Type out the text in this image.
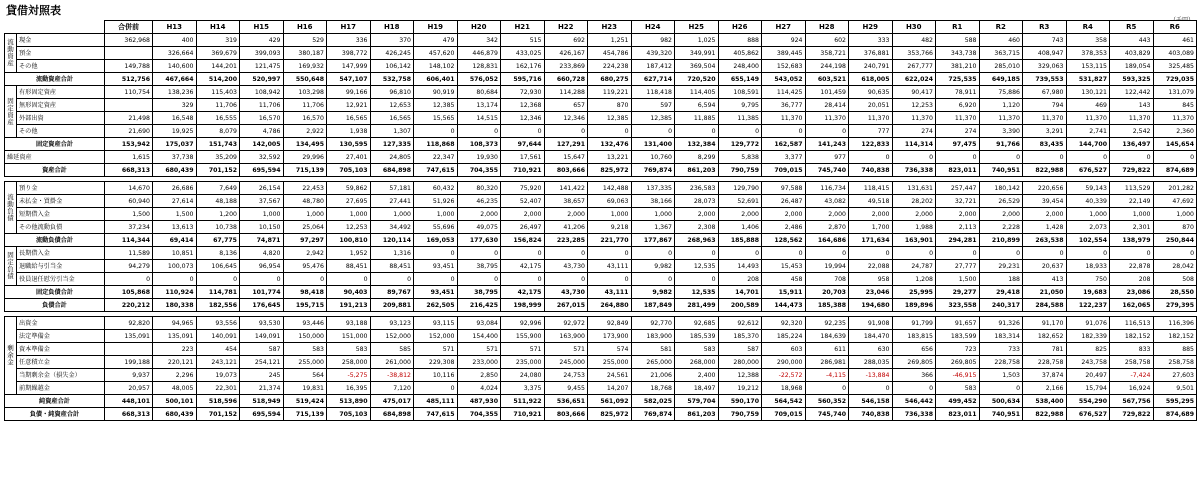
貸借対照表
		合併前	H13	H14	H15	H16	H17	H18	H19	H20	H21	H22	H23	H24	H25	H26	H27	H28	H29	H30	R1	R2	R3	R4	R5	R6
流動資産	現金	362,968	400	319	429	529	336	370	479	342	515	692	1,251	982	1,025	888	924	602	333	482	588	460	743	358	443	461
	預金		326,664	369,679	399,093	380,187	398,772	426,245	457,620	446,879	433,025	426,167	454,786	439,320	349,991	405,862	389,445	358,721	376,881	353,766	343,738	363,715	408,947	378,353	403,829	403,089
	その他	149,788	140,600	144,201	121,475	169,932	147,999	106,142	148,102	128,831	162,176	233,869	224,238	187,412	369,504	248,400	152,683	244,198	240,791	267,777	381,210	285,010	329,063	153,115	189,054	325,485
流動資産合計		512,756	467,664	514,200	520,997	550,648	547,107	532,758	606,401	576,052	595,716	660,728	680,275	627,714	720,520	655,149	543,052	603,521	618,005	622,024	725,535	649,185	739,553	531,827	593,325	729,035
固定資産	有形固定資産	110,754	138,236	115,403	108,942	103,298	99,166	96,810	90,919	80,684	72,930	114,288	119,221	118,418	114,405	108,591	114,425	101,459	90,635	90,417	78,911	75,886	67,980	130,121	122,442	131,079
	無形固定資産		329	11,706	11,706	11,706	12,921	12,653	12,385	13,174	12,368	657	870	597	6,594	9,795	36,777	28,414	20,051	12,253	6,920	1,120	794	469	143	845
	外部出資	21,498	16,548	16,555	16,570	16,570	16,565	16,565	15,565	14,515	12,346	12,346	12,385	12,385	11,885	11,385	11,370	11,370	11,370	11,370	11,370	11,370	11,370	11,370	11,370	11,370
	その他	21,690	19,925	8,079	4,786	2,922	1,938	1,307	0	0	0	0	0	0	0	0	0	0	777	274	274	3,390	3,291	2,741	2,542	2,360
固定資産合計		153,942	175,037	151,743	142,005	134,495	130,595	127,335	118,868	108,373	97,644	127,291	132,476	131,400	132,384	129,772	162,587	141,243	122,833	114,314	97,475	91,766	83,435	144,700	136,497	145,654
繰延資産		1,615	37,738	35,209	32,592	29,996	27,401	24,805	22,347	19,930	17,561	15,647	13,221	10,760	8,299	5,838	3,377	977	0	0	0	0	0	0	0	0
資産合計		668,313	680,439	701,152	695,594	715,139	705,103	684,898	747,615	704,355	710,921	803,666	825,972	769,874	861,203	790,759	709,015	745,740	740,838	736,338	823,011	740,951	822,988	676,527	729,822	874,689

流動負債	預り金	14,670	26,686	7,649	26,154	22,453	59,862	57,181	60,432	80,320	75,920	141,422	142,488	137,335	236,583	129,790	97,588	116,734	118,415	131,631	257,447	180,142	220,656	59,143	113,529	201,282
	未払金・買掛金	60,940	27,614	48,188	37,567	48,780	27,695	27,441	51,926	46,235	52,407	38,657	69,063	38,166	28,073	52,691	26,487	43,082	49,518	28,202	32,721	26,529	39,454	40,339	22,149	47,692
	短期借入金	1,500	1,500	1,200	1,000	1,000	1,000	1,000	1,000	2,000	2,000	2,000	1,000	1,000	2,000	2,000	2,000	2,000	2,000	2,000	2,000	2,000	2,000	1,000	1,000	1,000
	その他流動負債	37,234	13,613	10,738	10,150	25,064	12,253	34,492	55,696	49,075	26,497	41,206	9,218	1,367	2,308	1,406	2,486	2,870	1,700	1,988	2,113	2,228	1,428	2,073	2,301	870
流動負債合計		114,344	69,414	67,775	74,871	97,297	100,810	120,114	169,053	177,630	156,824	223,285	221,770	177,867	268,963	185,888	128,562	164,686	171,634	163,901	294,281	210,899	263,538	102,554	138,979	250,844
固定負債	長期借入金	11,589	10,851	8,136	4,820	2,942	1,952	1,316	0	0	0	0	0	0	0	0	0	0	0	0	0	0	0	0	0	0
	退職給与引当金	94,279	100,073	106,645	96,954	95,476	88,451	88,451	93,451	38,795	42,175	43,730	43,111	9,982	12,535	14,493	15,453	19,994	22,088	24,787	27,777	29,231	20,637	18,933	22,878	28,042
	役員退任慰労引当金	0	0	0	0	0	0	0	0	0	0	0	0	0	0	208	458	708	958	1,208	1,500	188	413	750	208	508
固定負債合計		105,868	110,924	114,781	101,774	98,418	90,403	89,767	93,451	38,795	42,175	43,730	43,111	9,982	12,535	14,701	15,911	20,703	23,046	25,995	29,277	29,418	21,050	19,683	23,086	28,550
負債合計		220,212	180,338	182,556	176,645	195,715	191,213	209,881	262,505	216,425	198,999	267,015	264,880	187,849	281,499	200,589	144,473	185,388	194,680	189,896	323,558	240,317	284,588	122,237	162,065	279,395

剰余金	出資金	92,820	94,965	93,556	93,530	93,446	93,188	93,123	93,115	93,084	92,996	92,972	92,849	92,770	92,685	92,612	92,320	92,235	91,908	91,799	91,657	91,326	91,170	91,076	116,513	116,396
	法定準備金	135,091	135,091	140,091	149,091	150,000	151,000	152,000	152,000	154,400	155,900	163,900	173,900	183,900	185,539	185,370	185,224	184,639	184,470	183,815	183,599	183,314	182,652	182,339	182,152	182,152
	資本準備金		223	454	587	583	583	585	571	571	571	571	574	581	583	587	603	611	630	656	723	733	781	825	833	885
	任意積立金	199,188	220,121	243,121	254,121	255,000	258,000	261,000	229,308	233,000	235,000	245,000	255,000	265,000	268,000	280,000	290,000	286,981	288,035	269,805	269,805	228,758	228,758	243,758	258,758	258,758
	当期剰余金（損失金）	9,937	2,296	19,073	245	564	-5,275	-38,812	10,116	2,850	24,080	24,753	24,561	21,006	2,400	12,388	-22,572	-4,115	-13,884	366	-46,915	1,503	37,874	20,497	-7,424	27,603
	前期繰越金	20,957	48,005	22,301	21,374	19,831	16,395	7,120	0	4,024	3,375	9,455	14,207	18,768	18,497	19,212	18,968	0	0	0	583	0	2,166	15,794	16,924	9,501
純資産合計		448,101	500,101	518,596	518,949	519,424	513,890	475,017	485,111	487,930	511,922	536,651	561,092	582,025	579,704	590,170	564,542	560,352	546,158	546,442	499,452	500,634	538,400	554,290	567,756	595,295
負債・純資産合計		668,313	680,439	701,152	695,594	715,139	705,103	684,898	747,615	704,355	710,921	803,666	825,972	769,874	861,203	790,759	709,015	745,740	740,838	736,338	823,011	740,951	822,988	676,527	729,822	874,689
